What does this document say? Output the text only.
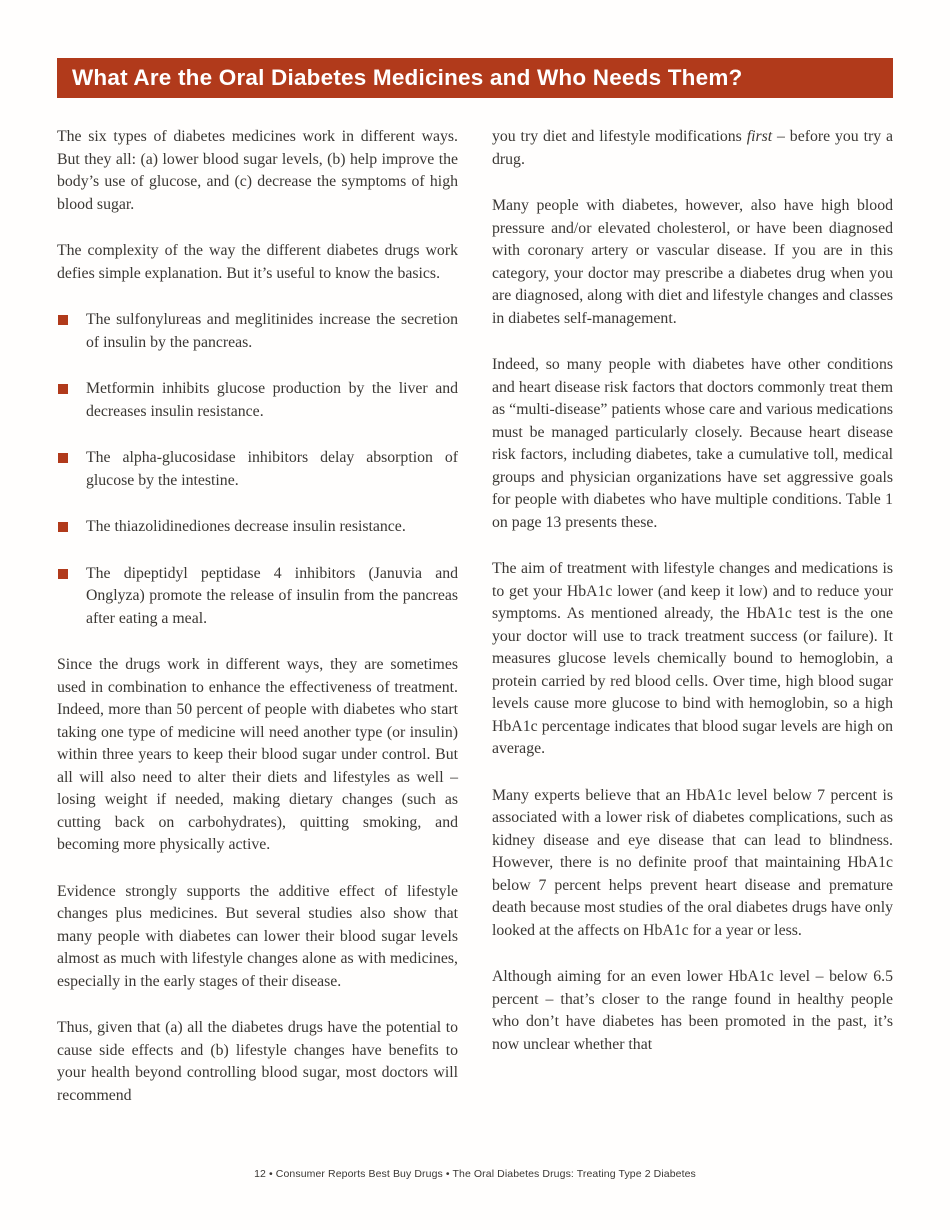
What Are the Oral Diabetes Medicines and Who Needs Them?

The six types of diabetes medicines work in different ways. But they all: (a) lower blood sugar levels, (b) help improve the body’s use of glucose, and (c) decrease the symptoms of high blood sugar.

The complexity of the way the different diabetes drugs work defies simple explanation. But it’s useful to know the basics.

The sulfonylureas and meglitinides increase the secretion of insulin by the pancreas.
Metformin inhibits glucose production by the liver and decreases insulin resistance.
The alpha-glucosidase inhibitors delay absorption of glucose by the intestine.
The thiazolidinediones decrease insulin resistance.
The dipeptidyl peptidase 4 inhibitors (Januvia and Onglyza) promote the release of insulin from the pancreas after eating a meal.

Since the drugs work in different ways, they are sometimes used in combination to enhance the effectiveness of treatment. Indeed, more than 50 percent of people with diabetes who start taking one type of medicine will need another type (or insulin) within three years to keep their blood sugar under control. But all will also need to alter their diets and lifestyles as well – losing weight if needed, making dietary changes (such as cutting back on carbohydrates), quitting smoking, and becoming more physically active.

Evidence strongly supports the additive effect of lifestyle changes plus medicines. But several studies also show that many people with diabetes can lower their blood sugar levels almost as much with lifestyle changes alone as with medicines, especially in the early stages of their disease.

Thus, given that (a) all the diabetes drugs have the potential to cause side effects and (b) lifestyle changes have benefits to your health beyond controlling blood sugar, most doctors will recommend

you try diet and lifestyle modifications first – before you try a drug.

Many people with diabetes, however, also have high blood pressure and/or elevated cholesterol, or have been diagnosed with coronary artery or vascular disease. If you are in this category, your doctor may prescribe a diabetes drug when you are diagnosed, along with diet and lifestyle changes and classes in diabetes self-management.

Indeed, so many people with diabetes have other conditions and heart disease risk factors that doctors commonly treat them as “multi-disease” patients whose care and various medications must be managed particularly closely. Because heart disease risk factors, including diabetes, take a cumulative toll, medical groups and physician organizations have set aggressive goals for people with diabetes who have multiple conditions. Table 1 on page 13 presents these.

The aim of treatment with lifestyle changes and medications is to get your HbA1c lower (and keep it low) and to reduce your symptoms. As mentioned already, the HbA1c test is the one your doctor will use to track treatment success (or failure). It measures glucose levels chemically bound to hemoglobin, a protein carried by red blood cells. Over time, high blood sugar levels cause more glucose to bind with hemoglobin, so a high HbA1c percentage indicates that blood sugar levels are high on average.

Many experts believe that an HbA1c level below 7 percent is associated with a lower risk of diabetes complications, such as kidney disease and eye disease that can lead to blindness. However, there is no definite proof that maintaining HbA1c below 7 percent helps prevent heart disease and premature death because most studies of the oral diabetes drugs have only looked at the affects on HbA1c for a year or less.

Although aiming for an even lower HbA1c level – below 6.5 percent – that’s closer to the range found in healthy people who don’t have diabetes has been promoted in the past, it’s now unclear whether that

12 • Consumer Reports Best Buy Drugs • The Oral Diabetes Drugs: Treating Type 2 Diabetes
